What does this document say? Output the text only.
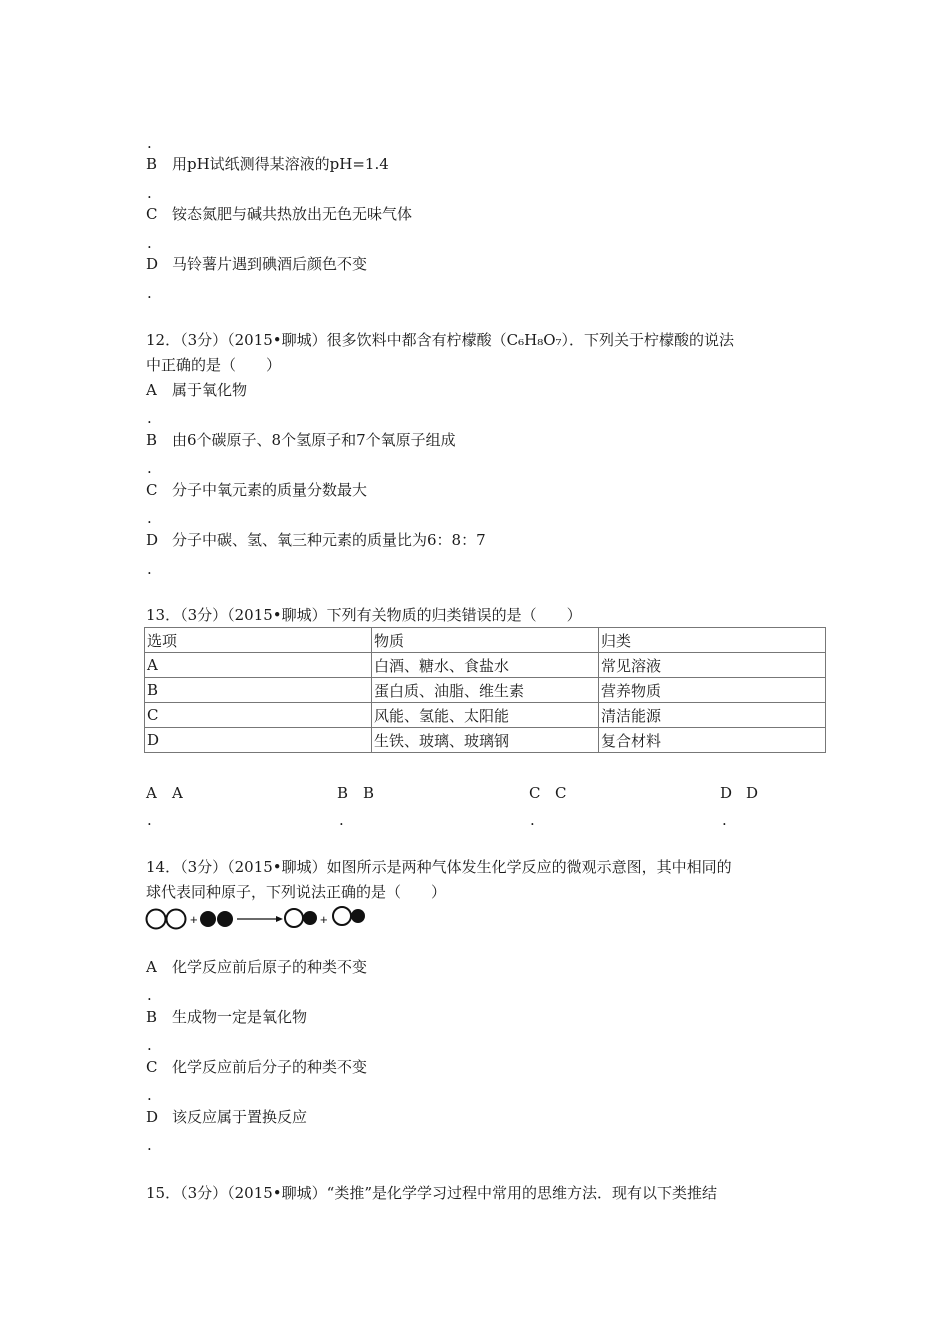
.
B 用pH试纸测得某溶液的pH=1.4
.
C 铵态氮肥与碱共热放出无色无味气体
.
D 马铃薯片遇到碘酒后颜色不变
.
12．（3分）（2015•聊城）很多饮料中都含有柠檬酸（C₆H₈O₇）．下列关于柠檬酸的说法
中正确的是（　　）
A 属于氧化物
.
B 由6个碳原子、8个氢原子和7个氧原子组成
.
C 分子中氧元素的质量分数最大
.
D 分子中碳、氢、氧三种元素的质量比为6：8：7
.
13．（3分）（2015•聊城）下列有关物质的归类错误的是（　　）
选项	物质	归类
A	白酒、糖水、食盐水	常见溶液
B	蛋白质、油脂、维生素	营养物质
C	风能、氢能、太阳能	清洁能源
D	生铁、玻璃、玻璃钢	复合材料
A A	B B	C C	D D
.	.	.	.
14．（3分）（2015•聊城）如图所示是两种气体发生化学反应的微观示意图，其中相同的
球代表同种原子，下列说法正确的是（　　）
+	+
A 化学反应前后原子的种类不变
.
B 生成物一定是氧化物
.
C 化学反应前后分子的种类不变
.
D 该反应属于置换反应
.
15．（3分）（2015•聊城）“类推”是化学学习过程中常用的思维方法．现有以下类推结
